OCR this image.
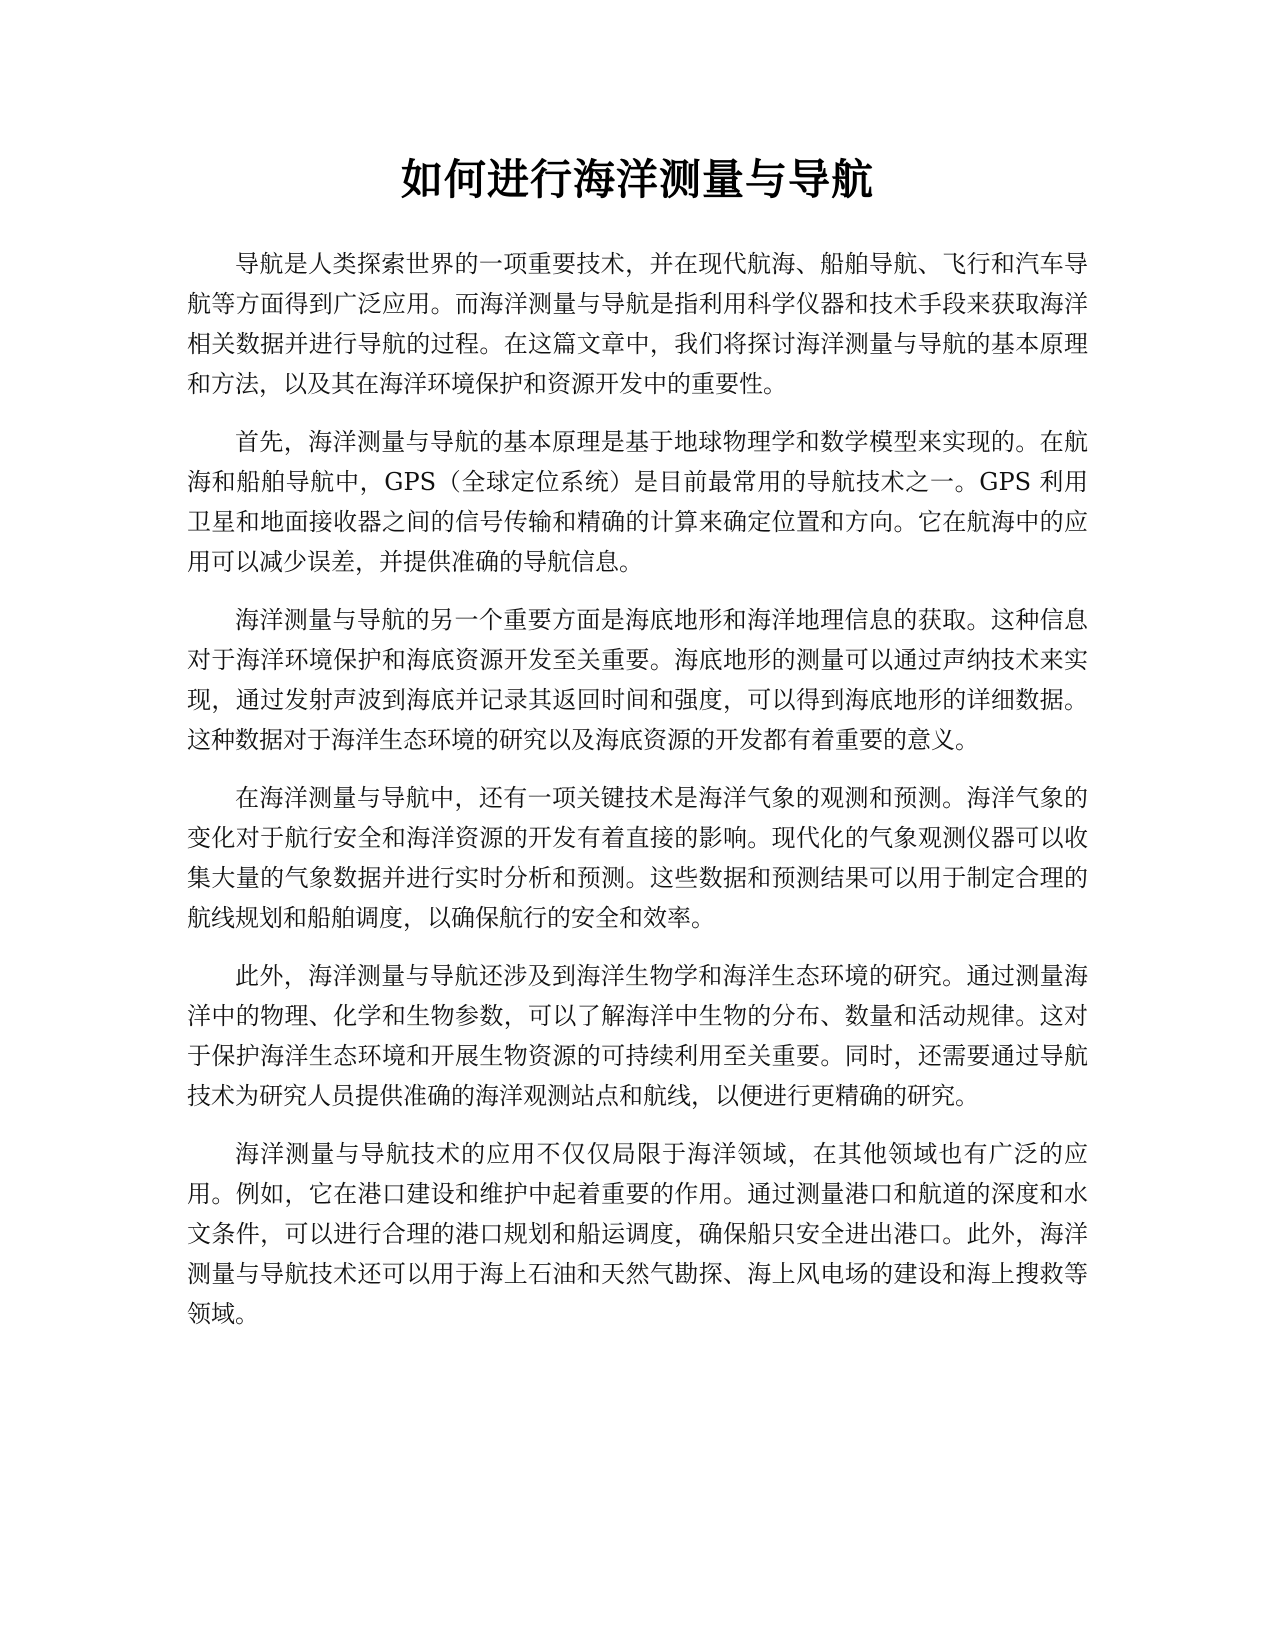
如何进行海洋测量与导航

导航是人类探索世界的一项重要技术，并在现代航海、船舶导航、飞行和汽车导航等方面得到广泛应用。而海洋测量与导航是指利用科学仪器和技术手段来获取海洋相关数据并进行导航的过程。在这篇文章中，我们将探讨海洋测量与导航的基本原理和方法，以及其在海洋环境保护和资源开发中的重要性。

首先，海洋测量与导航的基本原理是基于地球物理学和数学模型来实现的。在航海和船舶导航中，GPS（全球定位系统）是目前最常用的导航技术之一。GPS 利用卫星和地面接收器之间的信号传输和精确的计算来确定位置和方向。它在航海中的应用可以减少误差，并提供准确的导航信息。

海洋测量与导航的另一个重要方面是海底地形和海洋地理信息的获取。这种信息对于海洋环境保护和海底资源开发至关重要。海底地形的测量可以通过声纳技术来实现，通过发射声波到海底并记录其返回时间和强度，可以得到海底地形的详细数据。这种数据对于海洋生态环境的研究以及海底资源的开发都有着重要的意义。

在海洋测量与导航中，还有一项关键技术是海洋气象的观测和预测。海洋气象的变化对于航行安全和海洋资源的开发有着直接的影响。现代化的气象观测仪器可以收集大量的气象数据并进行实时分析和预测。这些数据和预测结果可以用于制定合理的航线规划和船舶调度，以确保航行的安全和效率。

此外，海洋测量与导航还涉及到海洋生物学和海洋生态环境的研究。通过测量海洋中的物理、化学和生物参数，可以了解海洋中生物的分布、数量和活动规律。这对于保护海洋生态环境和开展生物资源的可持续利用至关重要。同时，还需要通过导航技术为研究人员提供准确的海洋观测站点和航线，以便进行更精确的研究。

海洋测量与导航技术的应用不仅仅局限于海洋领域，在其他领域也有广泛的应用。例如，它在港口建设和维护中起着重要的作用。通过测量港口和航道的深度和水文条件，可以进行合理的港口规划和船运调度，确保船只安全进出港口。此外，海洋测量与导航技术还可以用于海上石油和天然气勘探、海上风电场的建设和海上搜救等领域。
